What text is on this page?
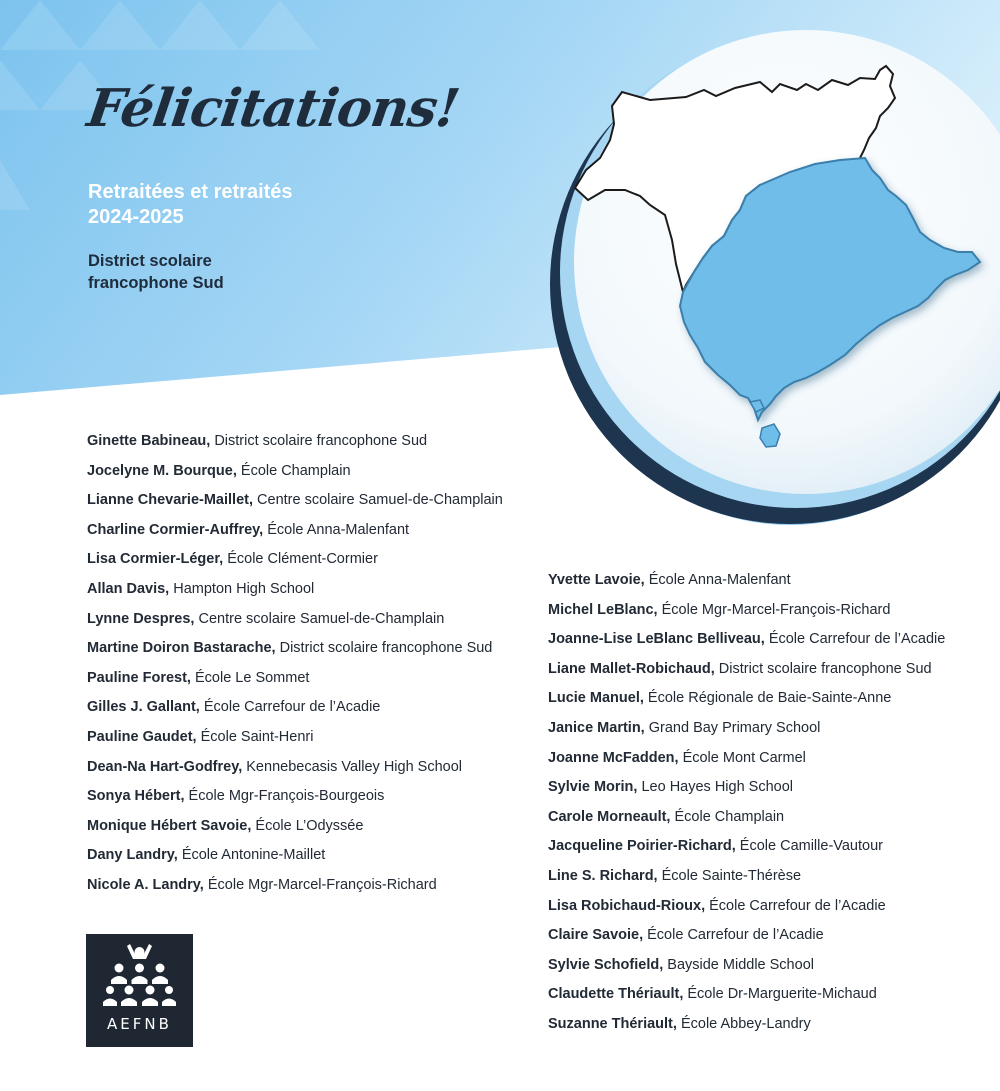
Félicitations!
Retraitées et retraités
2024-2025
District scolaire
francophone Sud
Ginette Babineau, District scolaire francophone Sud
Jocelyne M. Bourque, École Champlain
Lianne Chevarie-Maillet, Centre scolaire Samuel-de-Champlain
Charline Cormier-Auffrey, École Anna-Malenfant
Lisa Cormier-Léger, École Clément-Cormier
Allan Davis, Hampton High School
Lynne Despres, Centre scolaire Samuel-de-Champlain
Martine Doiron Bastarache, District scolaire francophone Sud
Pauline Forest, École Le Sommet
Gilles J. Gallant, École Carrefour de l’Acadie
Pauline Gaudet, École Saint-Henri
Dean-Na Hart-Godfrey, Kennebecasis Valley High School
Sonya Hébert, École Mgr-François-Bourgeois
Monique Hébert Savoie, École L’Odyssée
Dany Landry, École Antonine-Maillet
Nicole A. Landry, École Mgr-Marcel-François-Richard
Yvette Lavoie, École Anna-Malenfant
Michel LeBlanc, École Mgr-Marcel-François-Richard
Joanne-Lise LeBlanc Belliveau, École Carrefour de l’Acadie
Liane Mallet-Robichaud, District scolaire francophone Sud
Lucie Manuel, École Régionale de Baie-Sainte-Anne
Janice Martin, Grand Bay Primary School
Joanne McFadden, École Mont Carmel
Sylvie Morin, Leo Hayes High School
Carole Morneault, École Champlain
Jacqueline Poirier-Richard, École Camille-Vautour
Line S. Richard, École Sainte-Thérèse
Lisa Robichaud-Rioux, École Carrefour de l’Acadie
Claire Savoie, École Carrefour de l’Acadie
Sylvie Schofield, Bayside Middle School
Claudette Thériault, École Dr-Marguerite-Michaud
Suzanne Thériault, École Abbey-Landry
AEFNB
